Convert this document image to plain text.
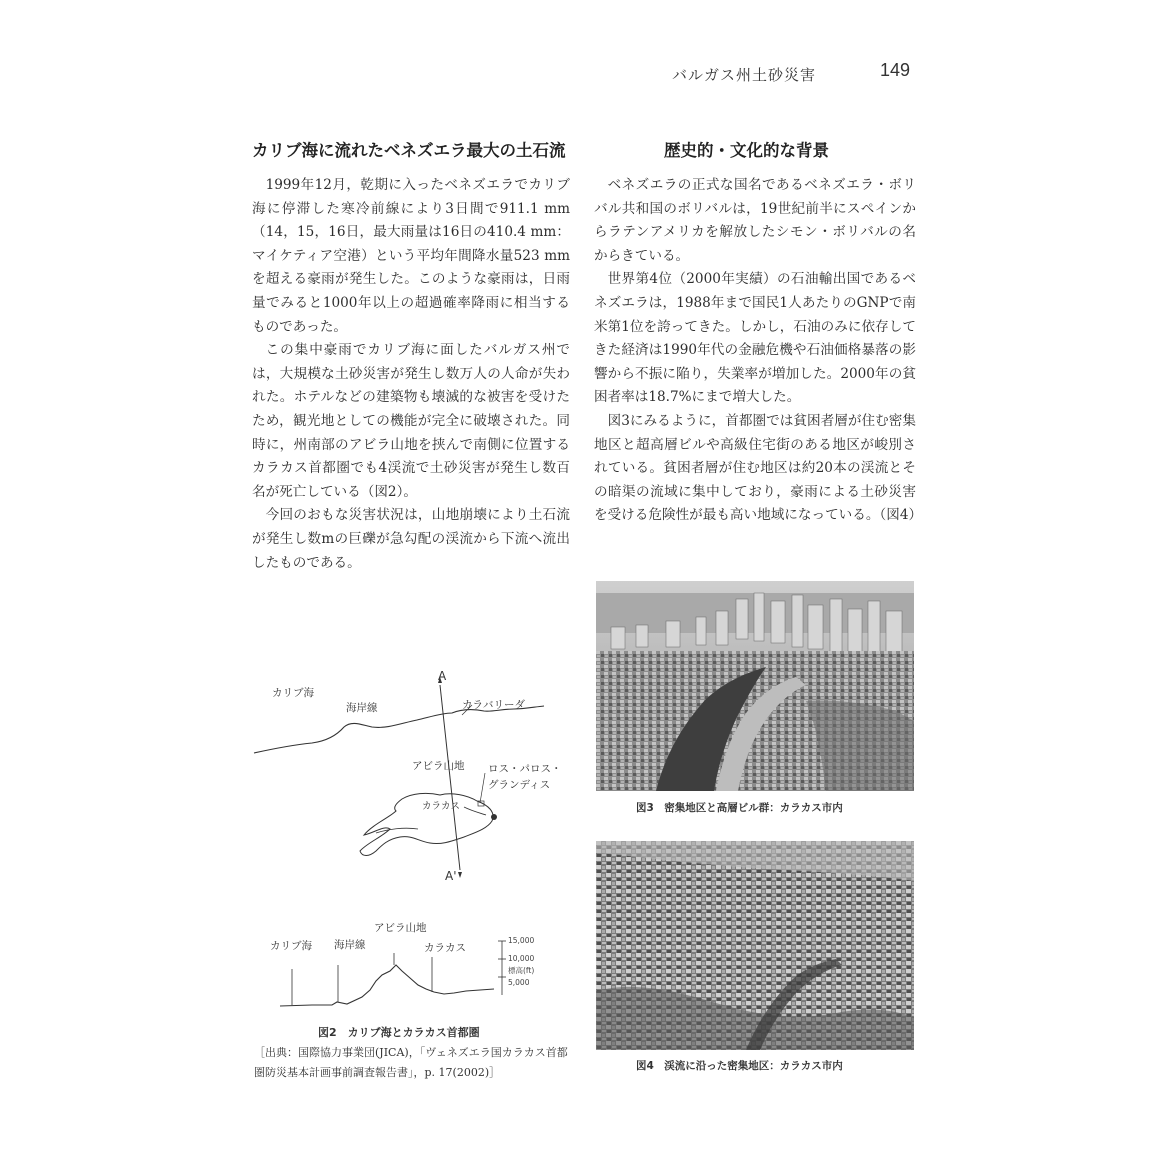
バルガス州土砂災害	149
カリブ海に流れたベネズエラ最大の土石流	歴史的・文化的な背景

1999年12月，乾期に入ったベネズエラでカリブ海に停滞した寒冷前線により3日間で911.1 mm（14，15，16日，最大雨量は16日の410.4 mm：マイケティア空港）という平均年間降水量523 mmを超える豪雨が発生した。このような豪雨は，日雨量でみると1000年以上の超過確率降雨に相当するものであった。

この集中豪雨でカリブ海に面したバルガス州では，大規模な土砂災害が発生し数万人の人命が失われた。ホテルなどの建築物も壊滅的な被害を受けたため，観光地としての機能が完全に破壊された。同時に，州南部のアビラ山地を挟んで南側に位置するカラカス首都圏でも4渓流で土砂災害が発生し数百名が死亡している（図2）。

今回のおもな災害状況は，山地崩壊により土石流が発生し数mの巨礫が急勾配の渓流から下流へ流出したものである。

ベネズエラの正式な国名であるベネズエラ・ボリバル共和国のボリバルは，19世紀前半にスペインからラテンアメリカを解放したシモン・ボリバルの名からきている。

世界第4位（2000年実績）の石油輸出国であるベネズエラは，1988年まで国民1人あたりのGNPで南米第1位を誇ってきた。しかし，石油のみに依存してきた経済は1990年代の金融危機や石油価格暴落の影響から不振に陥り，失業率が増加した。2000年の貧困者率は18.7%にまで増大した。

図3にみるように，首都圏では貧困者層が住む密集地区と超高層ビルや高級住宅街のある地区が峻別されている。貧困者層が住む地区は約20本の渓流とその暗渠の流域に集中しており，豪雨による土砂災害を受ける危険性が最も高い地域になっている。（図4）

カリブ海
海岸線	カラバリーダ
A
アビラ山地 ロス・パロス・
グランディス
カラカス
A'
カリブ海 海岸線
アビラ山地
カラカス
15,000
10,000
標高(ft)
5,000
図2　カリブ海とカラカス首都圏
［出典：国際協力事業団(JICA)，「ヴェネズエラ国カラカス首都圏防災基本計画事前調査報告書」，p. 17(2002)］
図3　密集地区と高層ビル群：カラカス市内
図4　渓流に沿った密集地区：カラカス市内
